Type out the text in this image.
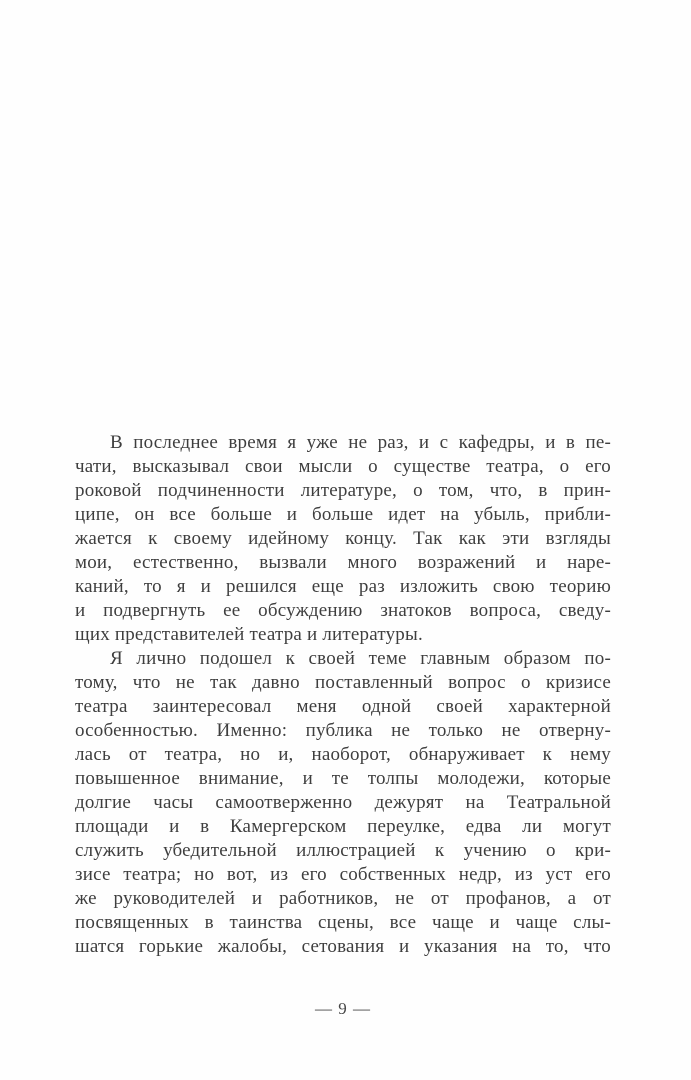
В последнее время я уже не раз, и с кафедры, и в пе-
чати, высказывал свои мысли о существе театра, о его
роковой подчиненности литературе, о том, что, в прин-
ципе, он все больше и больше идет на убыль, прибли-
жается к своему идейному концу. Так как эти взгляды
мои, естественно, вызвали много возражений и наре-
каний, то я и решился еще раз изложить свою теорию
и подвергнуть ее обсуждению знатоков вопроса, сведу-
щих представителей театра и литературы.

Я лично подошел к своей теме главным образом по-
тому, что не так давно поставленный вопрос о кризисе
театра заинтересовал меня одной своей характерной
особенностью. Именно: публика не только не отверну-
лась от театра, но и, наоборот, обнаруживает к нему
повышенное внимание, и те толпы молодежи, которые
долгие часы самоотверженно дежурят на Театральной
площади и в Камергерском переулке, едва ли могут
служить убедительной иллюстрацией к учению о кри-
зисе театра; но вот, из его собственных недр, из уст его
же руководителей и работников, не от профанов, а от
посвященных в таинства сцены, все чаще и чаще слы-
шатся горькие жалобы, сетования и указания на то, что

— 9 —
